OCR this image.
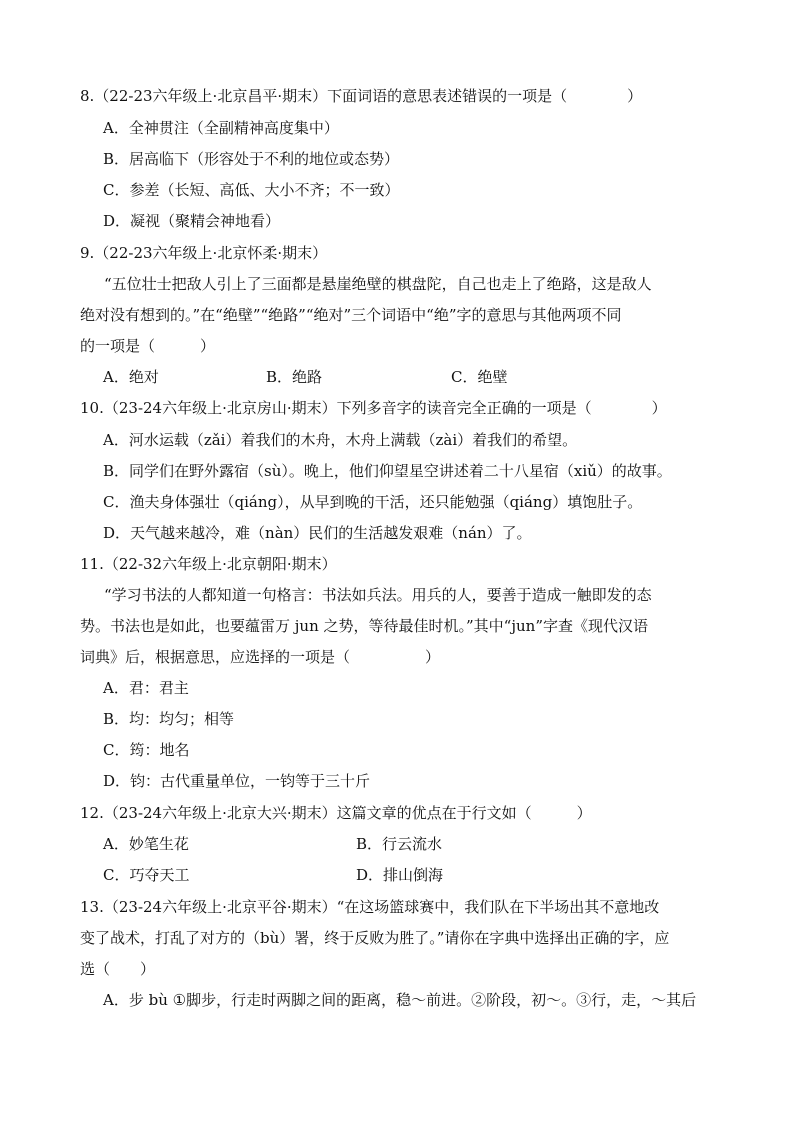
8.（22-23六年级上·北京昌平·期末）下面词语的意思表述错误的一项是（　　　　）
A．全神贯注（全副精神高度集中）
B．居高临下（形容处于不利的地位或态势）
C．参差（长短、高低、大小不齐；不一致）
D．凝视（聚精会神地看）
9.（22-23六年级上·北京怀柔·期末）
“五位壮士把敌人引上了三面都是悬崖绝壁的棋盘陀，自己也走上了绝路，这是敌人
绝对没有想到的。”在“绝壁”“绝路”“绝对”三个词语中“绝”字的意思与其他两项不同
的一项是（　　　）
A．绝对	B．绝路	C．绝壁
10.（23-24六年级上·北京房山·期末）下列多音字的读音完全正确的一项是（　　　　）
A．河水运载（zǎi）着我们的木舟，木舟上满载（zài）着我们的希望。
B．同学们在野外露宿（sù）。晚上，他们仰望星空讲述着二十八星宿（xiǔ）的故事。
C．渔夫身体强壮（qiáng），从早到晚的干活，还只能勉强（qiáng）填饱肚子。
D．天气越来越冷，难（nàn）民们的生活越发艰难（nán）了。
11.（22-32六年级上·北京朝阳·期末）
“学习书法的人都知道一句格言：书法如兵法。用兵的人，要善于造成一触即发的态
势。书法也是如此，也要蕴雷万 jun 之势，等待最佳时机。”其中“jun”字查《现代汉语
词典》后，根据意思，应选择的一项是（　　　　　）
A．君：君主
B．均：均匀；相等
C．筠：地名
D．钧：古代重量单位，一钧等于三十斤
12.（23-24六年级上·北京大兴·期末）这篇文章的优点在于行文如（　　　）
A．妙笔生花	B．行云流水
C．巧夺天工	D．排山倒海
13.（23-24六年级上·北京平谷·期末）“在这场篮球赛中，我们队在下半场出其不意地改
变了战术，打乱了对方的（bù）署，终于反败为胜了。”请你在字典中选择出正确的字，应
选（　　）
A．步 bù ①脚步，行走时两脚之间的距离，稳～前进。②阶段，初～。③行，走，～其后
